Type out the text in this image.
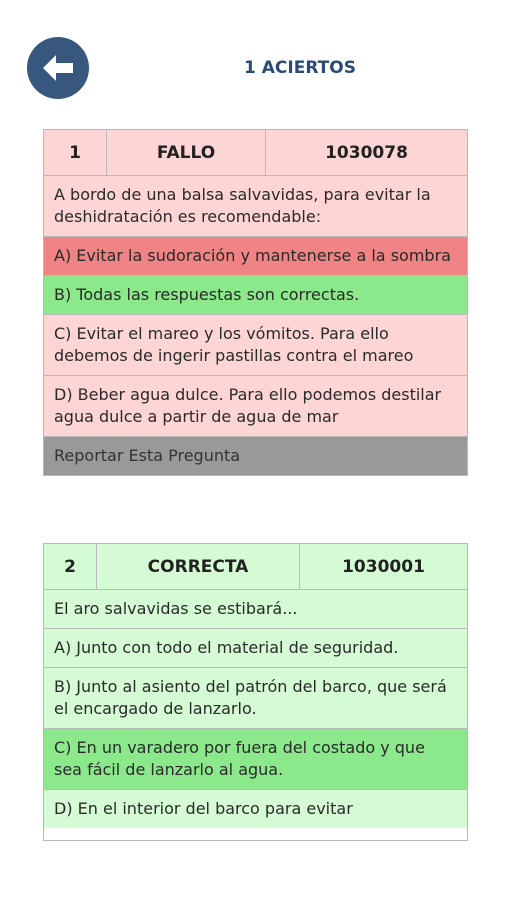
1 ACIERTOS
1	FALLO	1030078
A bordo de una balsa salvavidas, para evitar la deshidratación es recomendable:
A) Evitar la sudoración y mantenerse a la sombra
B) Todas las respuestas son correctas.
C) Evitar el mareo y los vómitos. Para ello debemos de ingerir pastillas contra el mareo
D) Beber agua dulce. Para ello podemos destilar agua dulce a partir de agua de mar
Reportar Esta Pregunta
2	CORRECTA	1030001
El aro salvavidas se estibará...
A) Junto con todo el material de seguridad.
B) Junto al asiento del patrón del barco, que será el encargado de lanzarlo.
C) En un varadero por fuera del costado y que sea fácil de lanzarlo al agua.
D) En el interior del barco para evitar
